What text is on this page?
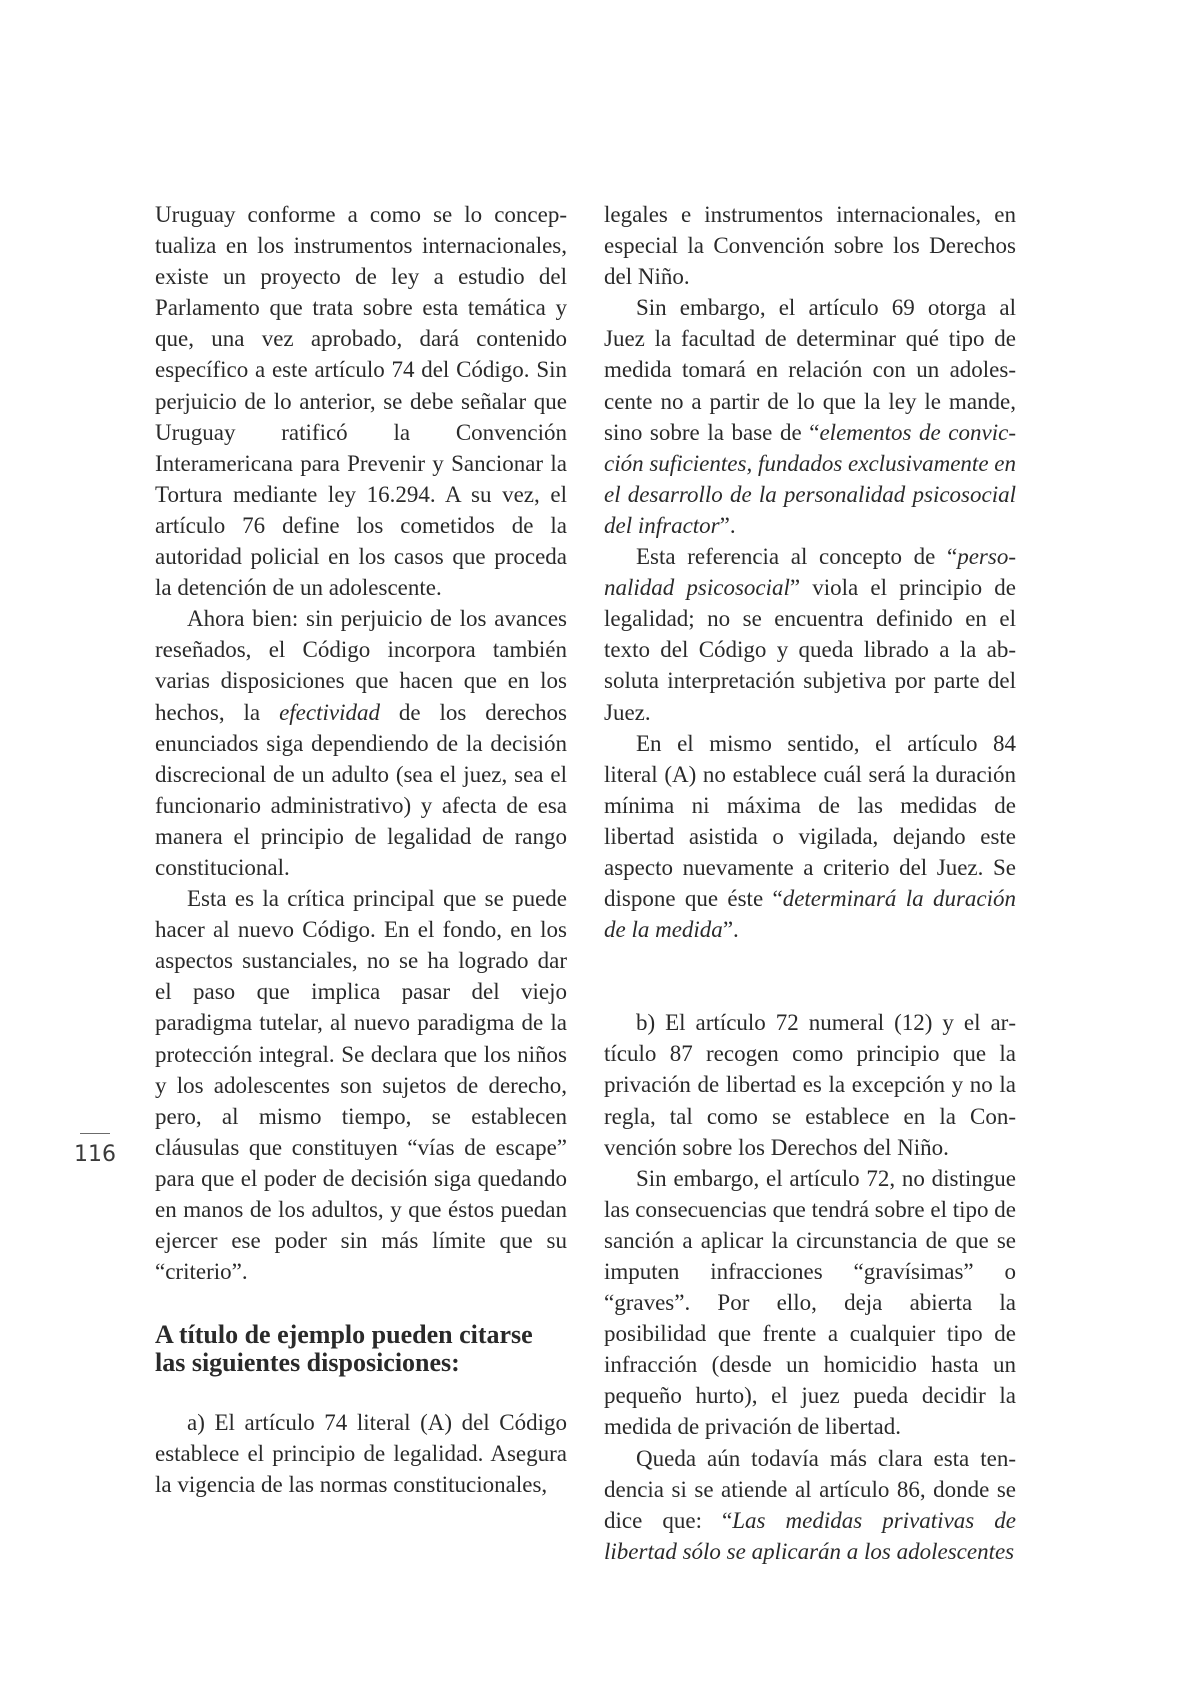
Uruguay conforme a como se lo conceptualiza en los instrumentos internacionales, existe un proyecto de ley a estudio del Parlamento que trata sobre esta temática y que, una vez aprobado, dará contenido específico a este artículo 74 del Código. Sin perjuicio de lo anterior, se debe señalar que Uruguay ratificó la Convención Interamericana para Prevenir y Sancionar la Tortura mediante ley 16.294. A su vez, el artículo 76 define los cometidos de la autoridad policial en los casos que proceda la detención de un adolescente.

Ahora bien: sin perjuicio de los avances reseñados, el Código incorpora también varias disposiciones que hacen que en los hechos, la efectividad de los derechos enunciados siga dependiendo de la decisión discrecional de un adulto (sea el juez, sea el funcionario administrativo) y afecta de esa manera el principio de legalidad de rango constitucional.

Esta es la crítica principal que se puede hacer al nuevo Código. En el fondo, en los aspectos sustanciales, no se ha logrado dar el paso que implica pasar del viejo paradigma tutelar, al nuevo paradigma de la protección integral. Se declara que los niños y los adolescentes son sujetos de derecho, pero, al mismo tiempo, se establecen cláusulas que constituyen “vías de escape” para que el poder de decisión siga quedando en manos de los adultos, y que éstos puedan ejercer ese poder sin más límite que su “criterio”.

A título de ejemplo pueden citarse las siguientes disposiciones:

a) El artículo 74 literal (A) del Código establece el principio de legalidad. Asegura la vigencia de las normas constitucionales,

legales e instrumentos internacionales, en especial la Convención sobre los Derechos del Niño.

Sin embargo, el artículo 69 otorga al Juez la facultad de determinar qué tipo de medida tomará en relación con un adolescente no a partir de lo que la ley le mande, sino sobre la base de “elementos de convicción suficientes, fundados exclusivamente en el desarrollo de la personalidad psicosocial del infractor”.

Esta referencia al concepto de “personalidad psicosocial” viola el principio de legalidad; no se encuentra definido en el texto del Código y queda librado a la absoluta interpretación subjetiva por parte del Juez.

En el mismo sentido, el artículo 84 literal (A) no establece cuál será la duración mínima ni máxima de las medidas de libertad asistida o vigilada, dejando este aspecto nuevamente a criterio del Juez. Se dispone que éste “determinará la duración de la medida”.

b) El artículo 72 numeral (12) y el artículo 87 recogen como principio que la privación de libertad es la excepción y no la regla, tal como se establece en la Convención sobre los Derechos del Niño.

Sin embargo, el artículo 72, no distingue las consecuencias que tendrá sobre el tipo de sanción a aplicar la circunstancia de que se imputen infracciones “gravísimas” o “graves”. Por ello, deja abierta la posibilidad que frente a cualquier tipo de infracción (desde un homicidio hasta un pequeño hurto), el juez pueda decidir la medida de privación de libertad.

Queda aún todavía más clara esta tendencia si se atiende al artículo 86, donde se dice que: “Las medidas privativas de libertad sólo se aplicarán a los adolescentes

116
